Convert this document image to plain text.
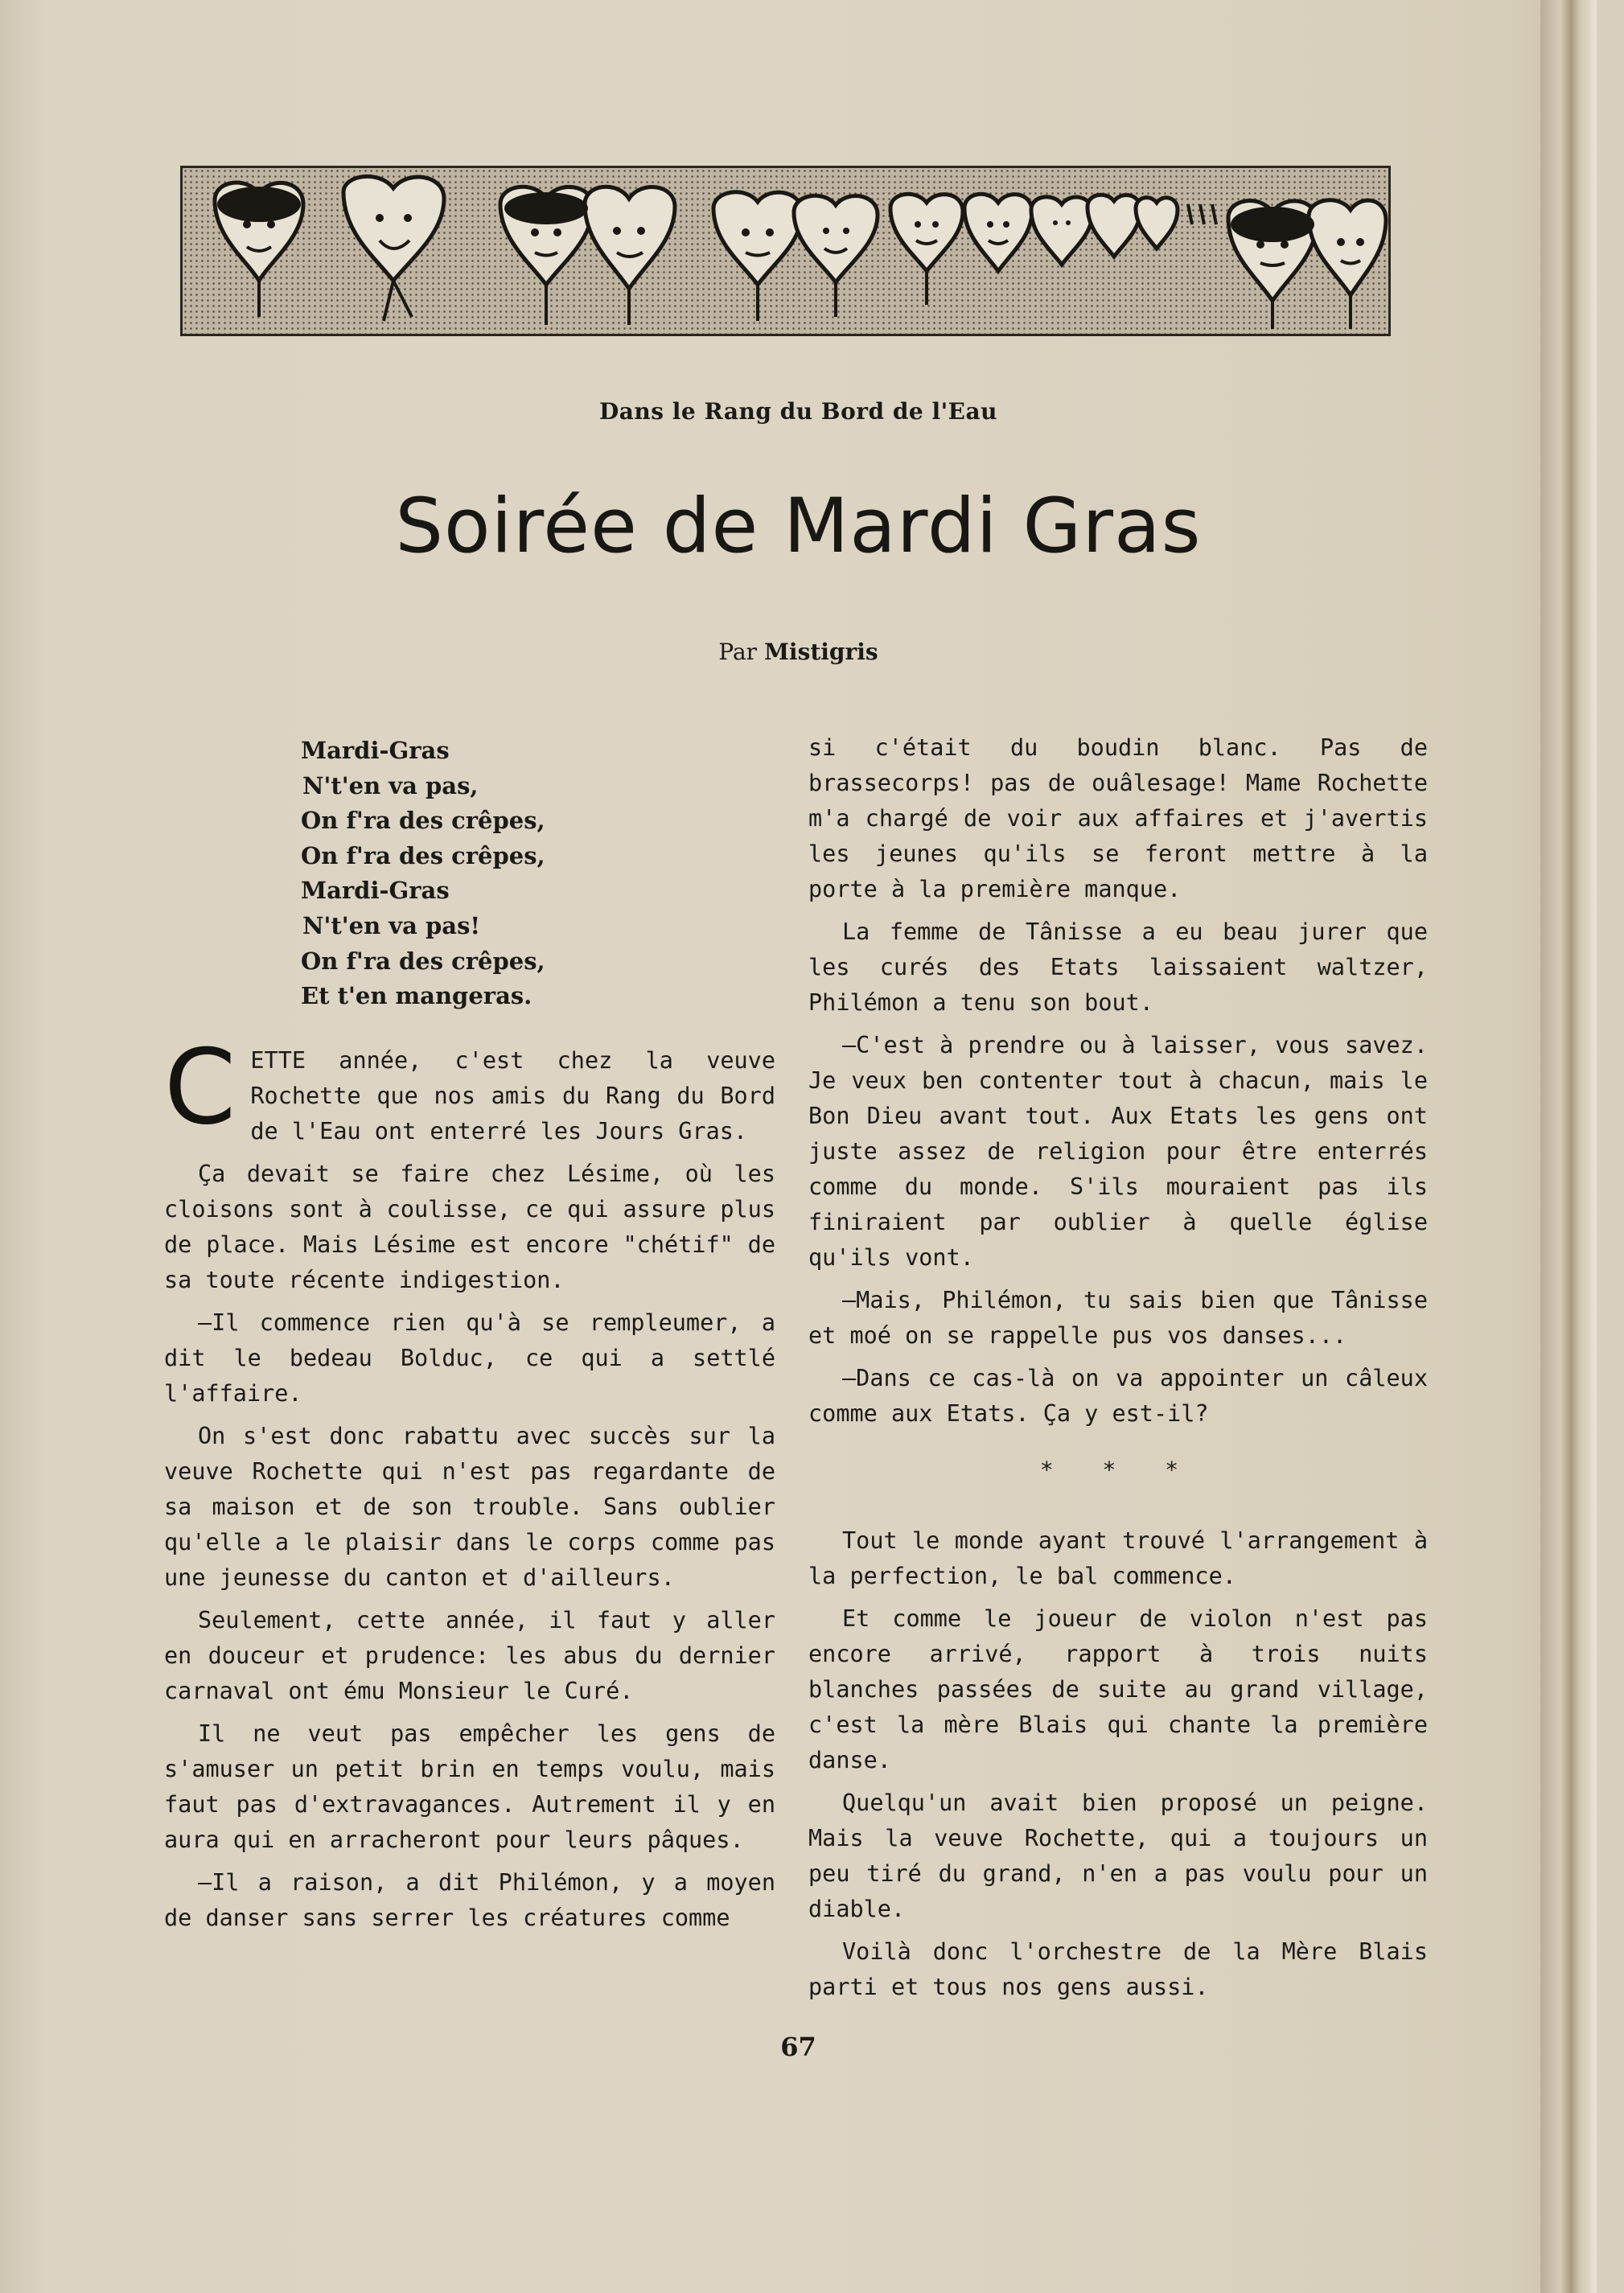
Dans le Rang du Bord de l'Eau
Soirée de Mardi Gras
Par Mistigris
Mardi-Gras
N't'en va pas,
On f'ra des crêpes,
On f'ra des crêpes,
Mardi-Gras
N't'en va pas!
On f'ra des crêpes,
Et t'en mangeras.

CETTE année, c'est chez la veuve Rochette que nos amis du Rang du Bord de l'Eau ont enterré les Jours Gras.

Ça devait se faire chez Lésime, où les cloisons sont à coulisse, ce qui assure plus de place. Mais Lésime est encore "chétif" de sa toute récente indigestion.

—Il commence rien qu'à se rempleumer, a dit le bedeau Bolduc, ce qui a settlé l'affaire.

On s'est donc rabattu avec succès sur la veuve Rochette qui n'est pas regardante de sa maison et de son trouble. Sans oublier qu'elle a le plaisir dans le corps comme pas une jeunesse du canton et d'ailleurs.

Seulement, cette année, il faut y aller en douceur et prudence: les abus du dernier carnaval ont ému Monsieur le Curé.

Il ne veut pas empêcher les gens de s'amuser un petit brin en temps voulu, mais faut pas d'extravagances. Autrement il y en aura qui en arracheront pour leurs pâques.

—Il a raison, a dit Philémon, y a moyen de danser sans serrer les créatures comme

si c'était du boudin blanc. Pas de brassecorps! pas de ouâlesage! Mame Rochette m'a chargé de voir aux affaires et j'avertis les jeunes qu'ils se feront mettre à la porte à la première manque.

La femme de Tânisse a eu beau jurer que les curés des Etats laissaient waltzer, Philémon a tenu son bout.

—C'est à prendre ou à laisser, vous savez. Je veux ben contenter tout à chacun, mais le Bon Dieu avant tout. Aux Etats les gens ont juste assez de religion pour être enterrés comme du monde. S'ils mouraient pas ils finiraient par oublier à quelle église qu'ils vont.

—Mais, Philémon, tu sais bien que Tânisse et moé on se rappelle pus vos danses...

—Dans ce cas-là on va appointer un câleux comme aux Etats. Ça y est-il?

* * *

Tout le monde ayant trouvé l'arrangement à la perfection, le bal commence.

Et comme le joueur de violon n'est pas encore arrivé, rapport à trois nuits blanches passées de suite au grand village, c'est la mère Blais qui chante la première danse.

Quelqu'un avait bien proposé un peigne. Mais la veuve Rochette, qui a toujours un peu tiré du grand, n'en a pas voulu pour un diable.

Voilà donc l'orchestre de la Mère Blais parti et tous nos gens aussi.

67
